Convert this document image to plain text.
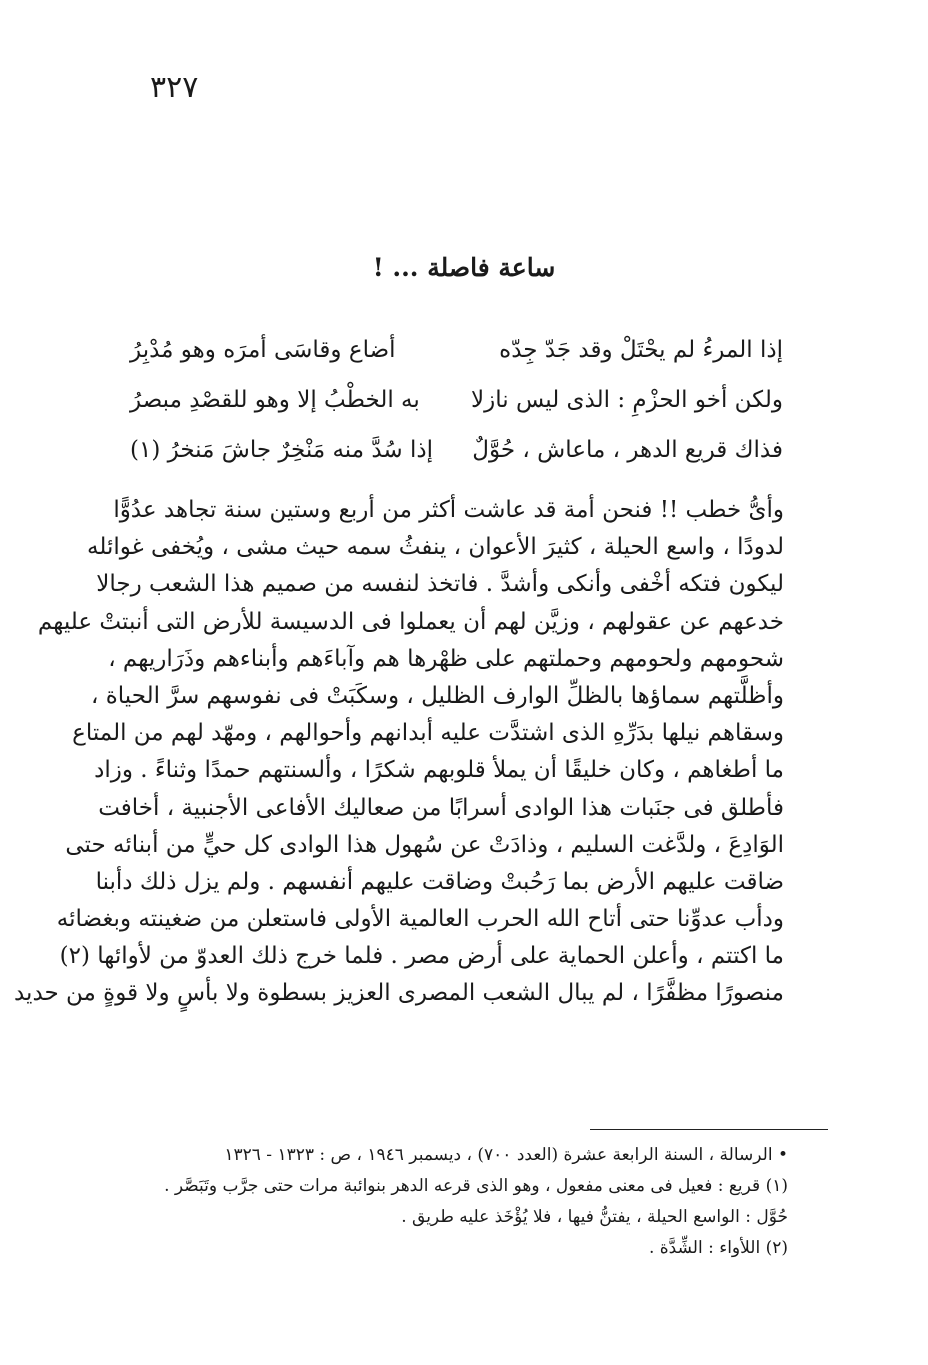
٣٢٧
ساعة فاصلة ... !
إذا المرءُ لم يحْتَلْ وقد جَدّ جِدّه
أضاع وقاسَى أمرَه وهو مُدْبِرُ
ولكن أخو الحزْمِ : الذى ليس نازلا
به الخطْبُ إلا وهو للقصْدِ مبصرُ
فذاك قريع الدهر ، ماعاش ، حُوَّلٌ
إذا سُدَّ منه مَنْخِرٌ جاشَ مَنخرُ (١)
وأىُّ خطب !! فنحن أمة قد عاشت أكثر من أربع وستين سنة تجاهد عدُوًّا
لدودًا ، واسع الحيلة ، كثيرَ الأعوان ، ينفثُ سمه حيث مشى ، ويُخفى غوائله
ليكون فتكه أخْفى وأنكى وأشدَّ . فاتخذ لنفسه من صميم هذا الشعب رجالا
خدعهم عن عقولهم ، وزيَّن لهم أن يعملوا فى الدسيسة للأرض التى أنبتتْ عليهم
شحومهم ولحومهم وحملتهم على ظهْرها هم وآباءَهم وأبناءهم وذَرَاريهم ،
وأظلَّتهم سماؤها بالظلِّ الوارف الظليل ، وسكَبَتْ فى نفوسهم سرَّ الحياة ،
وسقاهم نيلها بدَرِّهِ الذى اشتدَّت عليه أبدانهم وأحوالهم ، ومهّد لهم من المتاع
ما أطغاهم ، وكان خليقًا أن يملأ قلوبهم شكرًا ، وألسنتهم حمدًا وثناءً . وزاد
فأطلق فى جنَبات هذا الوادى أسرابًا من صعاليك الأفاعى الأجنبية ، أخافت
الوَادِعَ ، ولدَّغت السليم ، وذادَتْ عن سُهول هذا الوادى كل حيٍّ من أبنائه حتى
ضاقت عليهم الأرض بما رَحُبتْ وضاقت عليهم أنفسهم . ولم يزل ذلك دأبنا
ودأب عدوِّنا حتى أتاح الله الحرب العالمية الأولى فاستعلن من ضغينته وبغضائه
ما اكتتم ، وأعلن الحماية على أرض مصر . فلما خرج ذلك العدوّ من لأوائها (٢)
منصورًا مظفَّرًا ، لم يبال الشعب المصرى العزيز بسطوة ولا بأسٍ ولا قوةٍ من حديد
• الرسالة ، السنة الرابعة عشرة (العدد ٧٠٠) ، ديسمبر ١٩٤٦ ، ص : ١٣٢٣ - ١٣٢٦
(١) قريع : فعيل فى معنى مفعول ، وهو الذى قرعه الدهر بنوائبة مرات حتى جرَّب وتَبَصَّر .
حُوَّل : الواسع الحيلة ، يفتنُّ فيها ، فلا يُؤْخَذ عليه طريق .
(٢) اللأواء : الشِّدَّة .
